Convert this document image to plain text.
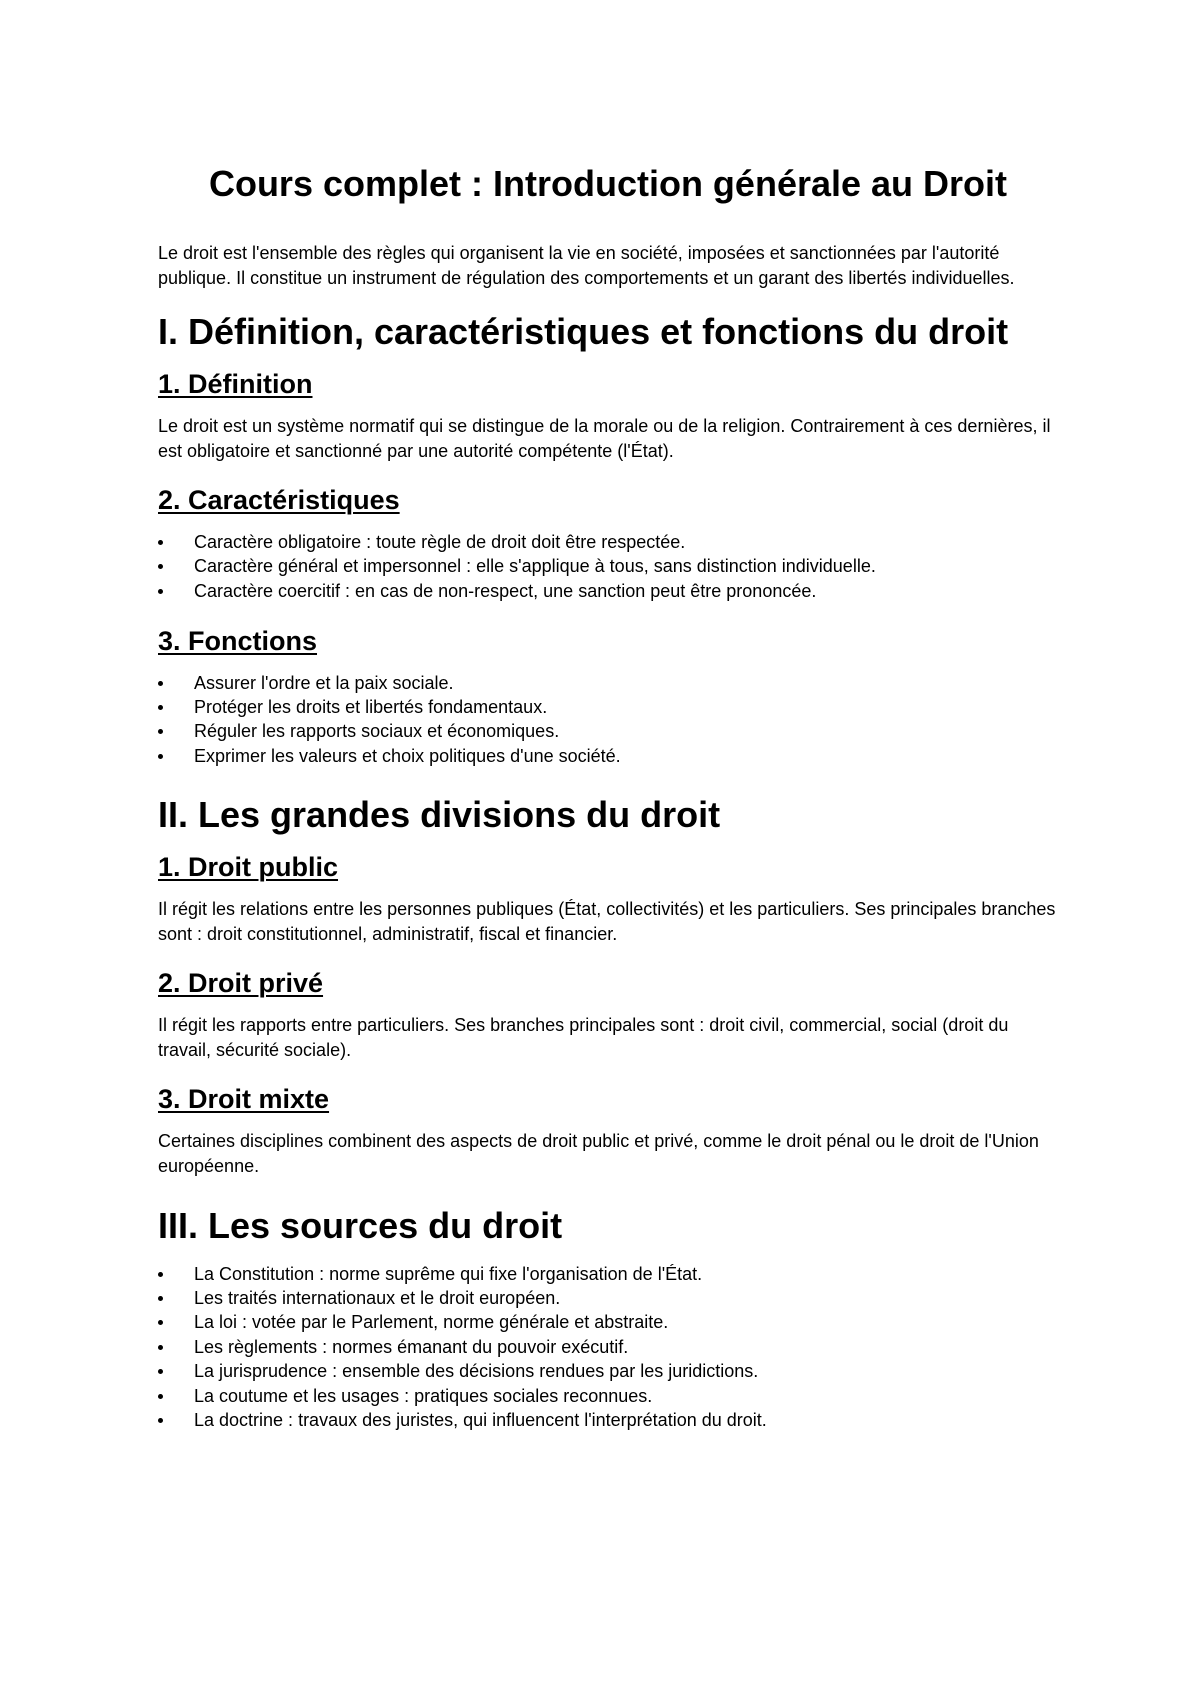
Cours complet : Introduction générale au Droit

Le droit est l'ensemble des règles qui organisent la vie en société, imposées et sanctionnées par l'autorité publique. Il constitue un instrument de régulation des comportements et un garant des libertés individuelles.

I. Définition, caractéristiques et fonctions du droit
1. Définition

Le droit est un système normatif qui se distingue de la morale ou de la religion. Contrairement à ces dernières, il est obligatoire et sanctionné par une autorité compétente (l'État).

2. Caractéristiques
Caractère obligatoire : toute règle de droit doit être respectée.
Caractère général et impersonnel : elle s'applique à tous, sans distinction individuelle.
Caractère coercitif : en cas de non-respect, une sanction peut être prononcée.
3. Fonctions
Assurer l'ordre et la paix sociale.
Protéger les droits et libertés fondamentaux.
Réguler les rapports sociaux et économiques.
Exprimer les valeurs et choix politiques d'une société.
II. Les grandes divisions du droit
1. Droit public

Il régit les relations entre les personnes publiques (État, collectivités) et les particuliers. Ses principales branches sont : droit constitutionnel, administratif, fiscal et financier.

2. Droit privé

Il régit les rapports entre particuliers. Ses branches principales sont : droit civil, commercial, social (droit du travail, sécurité sociale).

3. Droit mixte

Certaines disciplines combinent des aspects de droit public et privé, comme le droit pénal ou le droit de l'Union européenne.

III. Les sources du droit
La Constitution : norme suprême qui fixe l'organisation de l'État.
Les traités internationaux et le droit européen.
La loi : votée par le Parlement, norme générale et abstraite.
Les règlements : normes émanant du pouvoir exécutif.
La jurisprudence : ensemble des décisions rendues par les juridictions.
La coutume et les usages : pratiques sociales reconnues.
La doctrine : travaux des juristes, qui influencent l'interprétation du droit.
